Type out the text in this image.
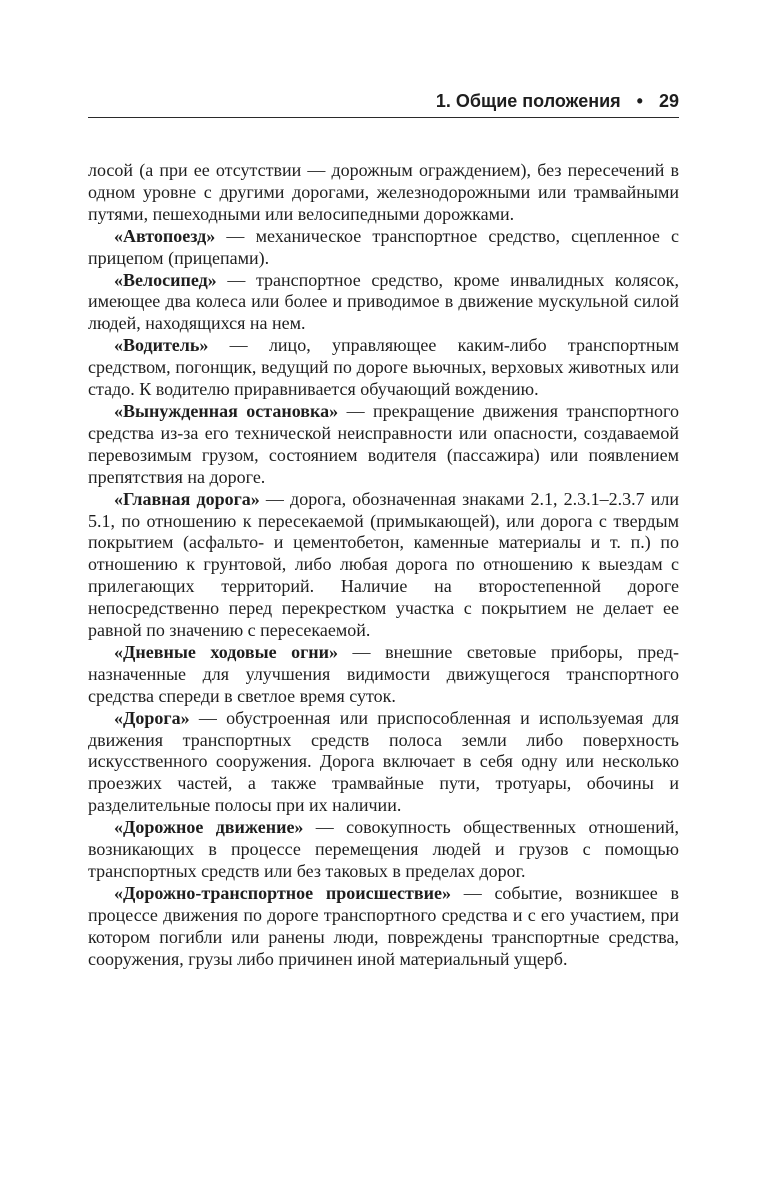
1. Общие положения • 29

лосой (а при ее отсутствии — дорожным ограждением), без пересечений в одном уровне с другими дорогами, железнодорожными или трамвайными путями, пешеходными или велосипедными дорожками.

«Автопоезд» — механическое транспортное средство, сцепленное с прицепом (прицепами).

«Велосипед» — транспортное средство, кроме инвалидных колясок, имеющее два колеса или более и приводимое в движение мускульной силой людей, находящихся на нем.

«Водитель» — лицо, управляющее каким-либо транспортным средством, погонщик, ведущий по дороге вьючных, верховых животных или стадо. К водителю приравнивается обучающий вождению.

«Вынужденная остановка» — прекращение движения транспортного средства из-за его технической неисправности или опасности, создаваемой перевозимым грузом, состоянием водителя (пассажира) или появлением препятствия на дороге.

«Главная дорога» — дорога, обозначенная знаками 2.1, 2.3.1–2.3.7 или 5.1, по отношению к пересекаемой (примыкающей), или дорога с твердым покрытием (асфальто- и цементобетон, каменные материалы и т. п.) по отношению к грунтовой, либо любая дорога по отношению к выездам с прилегающих территорий. Наличие на второстепенной дороге непосредственно перед перекрестком участка с покрытием не делает ее равной по значению с пересекаемой.

«Дневные ходовые огни» — внешние световые приборы, предназначенные для улучшения видимости движущегося транспортного средства спереди в светлое время суток.

«Дорога» — обустроенная или приспособленная и используемая для движения транспортных средств полоса земли либо поверхность искусственного сооружения. Дорога включает в себя одну или несколько проезжих частей, а также трамвайные пути, тротуары, обочины и разделительные полосы при их наличии.

«Дорожное движение» — совокупность общественных отношений, возникающих в процессе перемещения людей и грузов с помощью транспортных средств или без таковых в пределах дорог.

«Дорожно-транспортное происшествие» — событие, возникшее в процессе движения по дороге транспортного средства и с его участием, при котором погибли или ранены люди, повреждены транспортные средства, сооружения, грузы либо причинен иной материальный ущерб.
